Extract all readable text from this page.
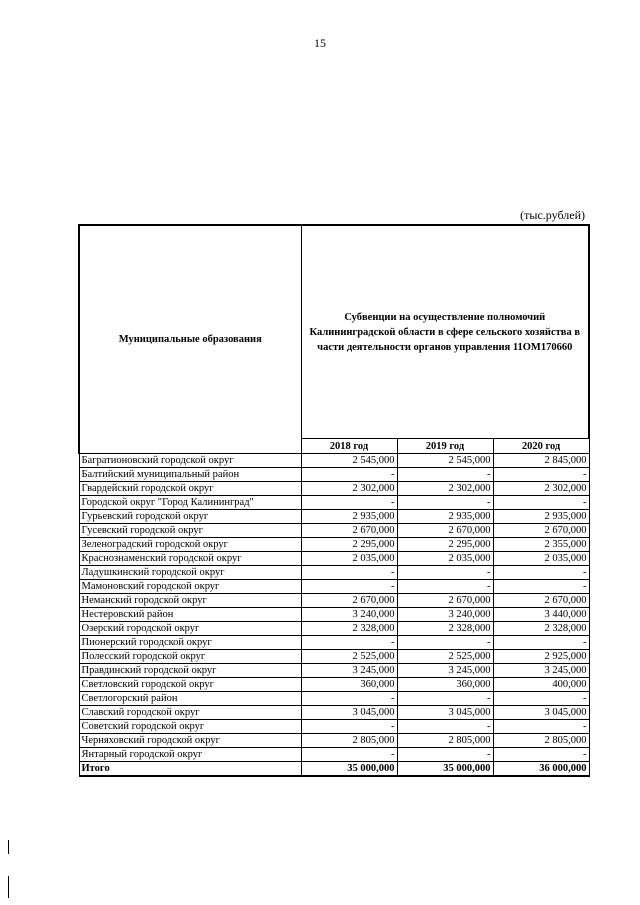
15
(тыс.рублей)
Муниципальные образования	Субвенции на осуществление полномочий Калининградской области в сфере сельского хозяйства в части деятельности органов управления 11ОМ170660		
	2018 год	2019 год	2020 год
Багратионовский городской округ	2 545,000	2 545,000	2 845,000
Балтийский муниципальный район	-	-	-
Гвардейский городской округ	2 302,000	2 302,000	2 302,000
Городской округ "Город Калининград"	-	-	-
Гурьевский городской округ	2 935,000	2 935,000	2 935,000
Гусевский городской округ	2 670,000	2 670,000	2 670,000
Зеленоградский городской округ	2 295,000	2 295,000	2 355,000
Краснознаменский городской округ	2 035,000	2 035,000	2 035,000
Ладушкинский городской округ	-	-	-
Мамоновский городской округ	-	-	-
Неманский городской округ	2 670,000	2 670,000	2 670,000
Нестеровский район	3 240,000	3 240,000	3 440,000
Озерский городской округ	2 328,000	2 328,000	2 328,000
Пионерский городской округ	-	-	-
Полесский городской округ	2 525,000	2 525,000	2 925,000
Правдинский городской округ	3 245,000	3 245,000	3 245,000
Светловский городской округ	360,000	360,000	400,000
Светлогорский район	-	-	-
Славский городской округ	3 045,000	3 045,000	3 045,000
Советский городской округ	-	-	-
Черняховский городской округ	2 805,000	2 805,000	2 805,000
Янтарный городской округ	-	-	-
Итого	35 000,000	35 000,000	36 000,000
